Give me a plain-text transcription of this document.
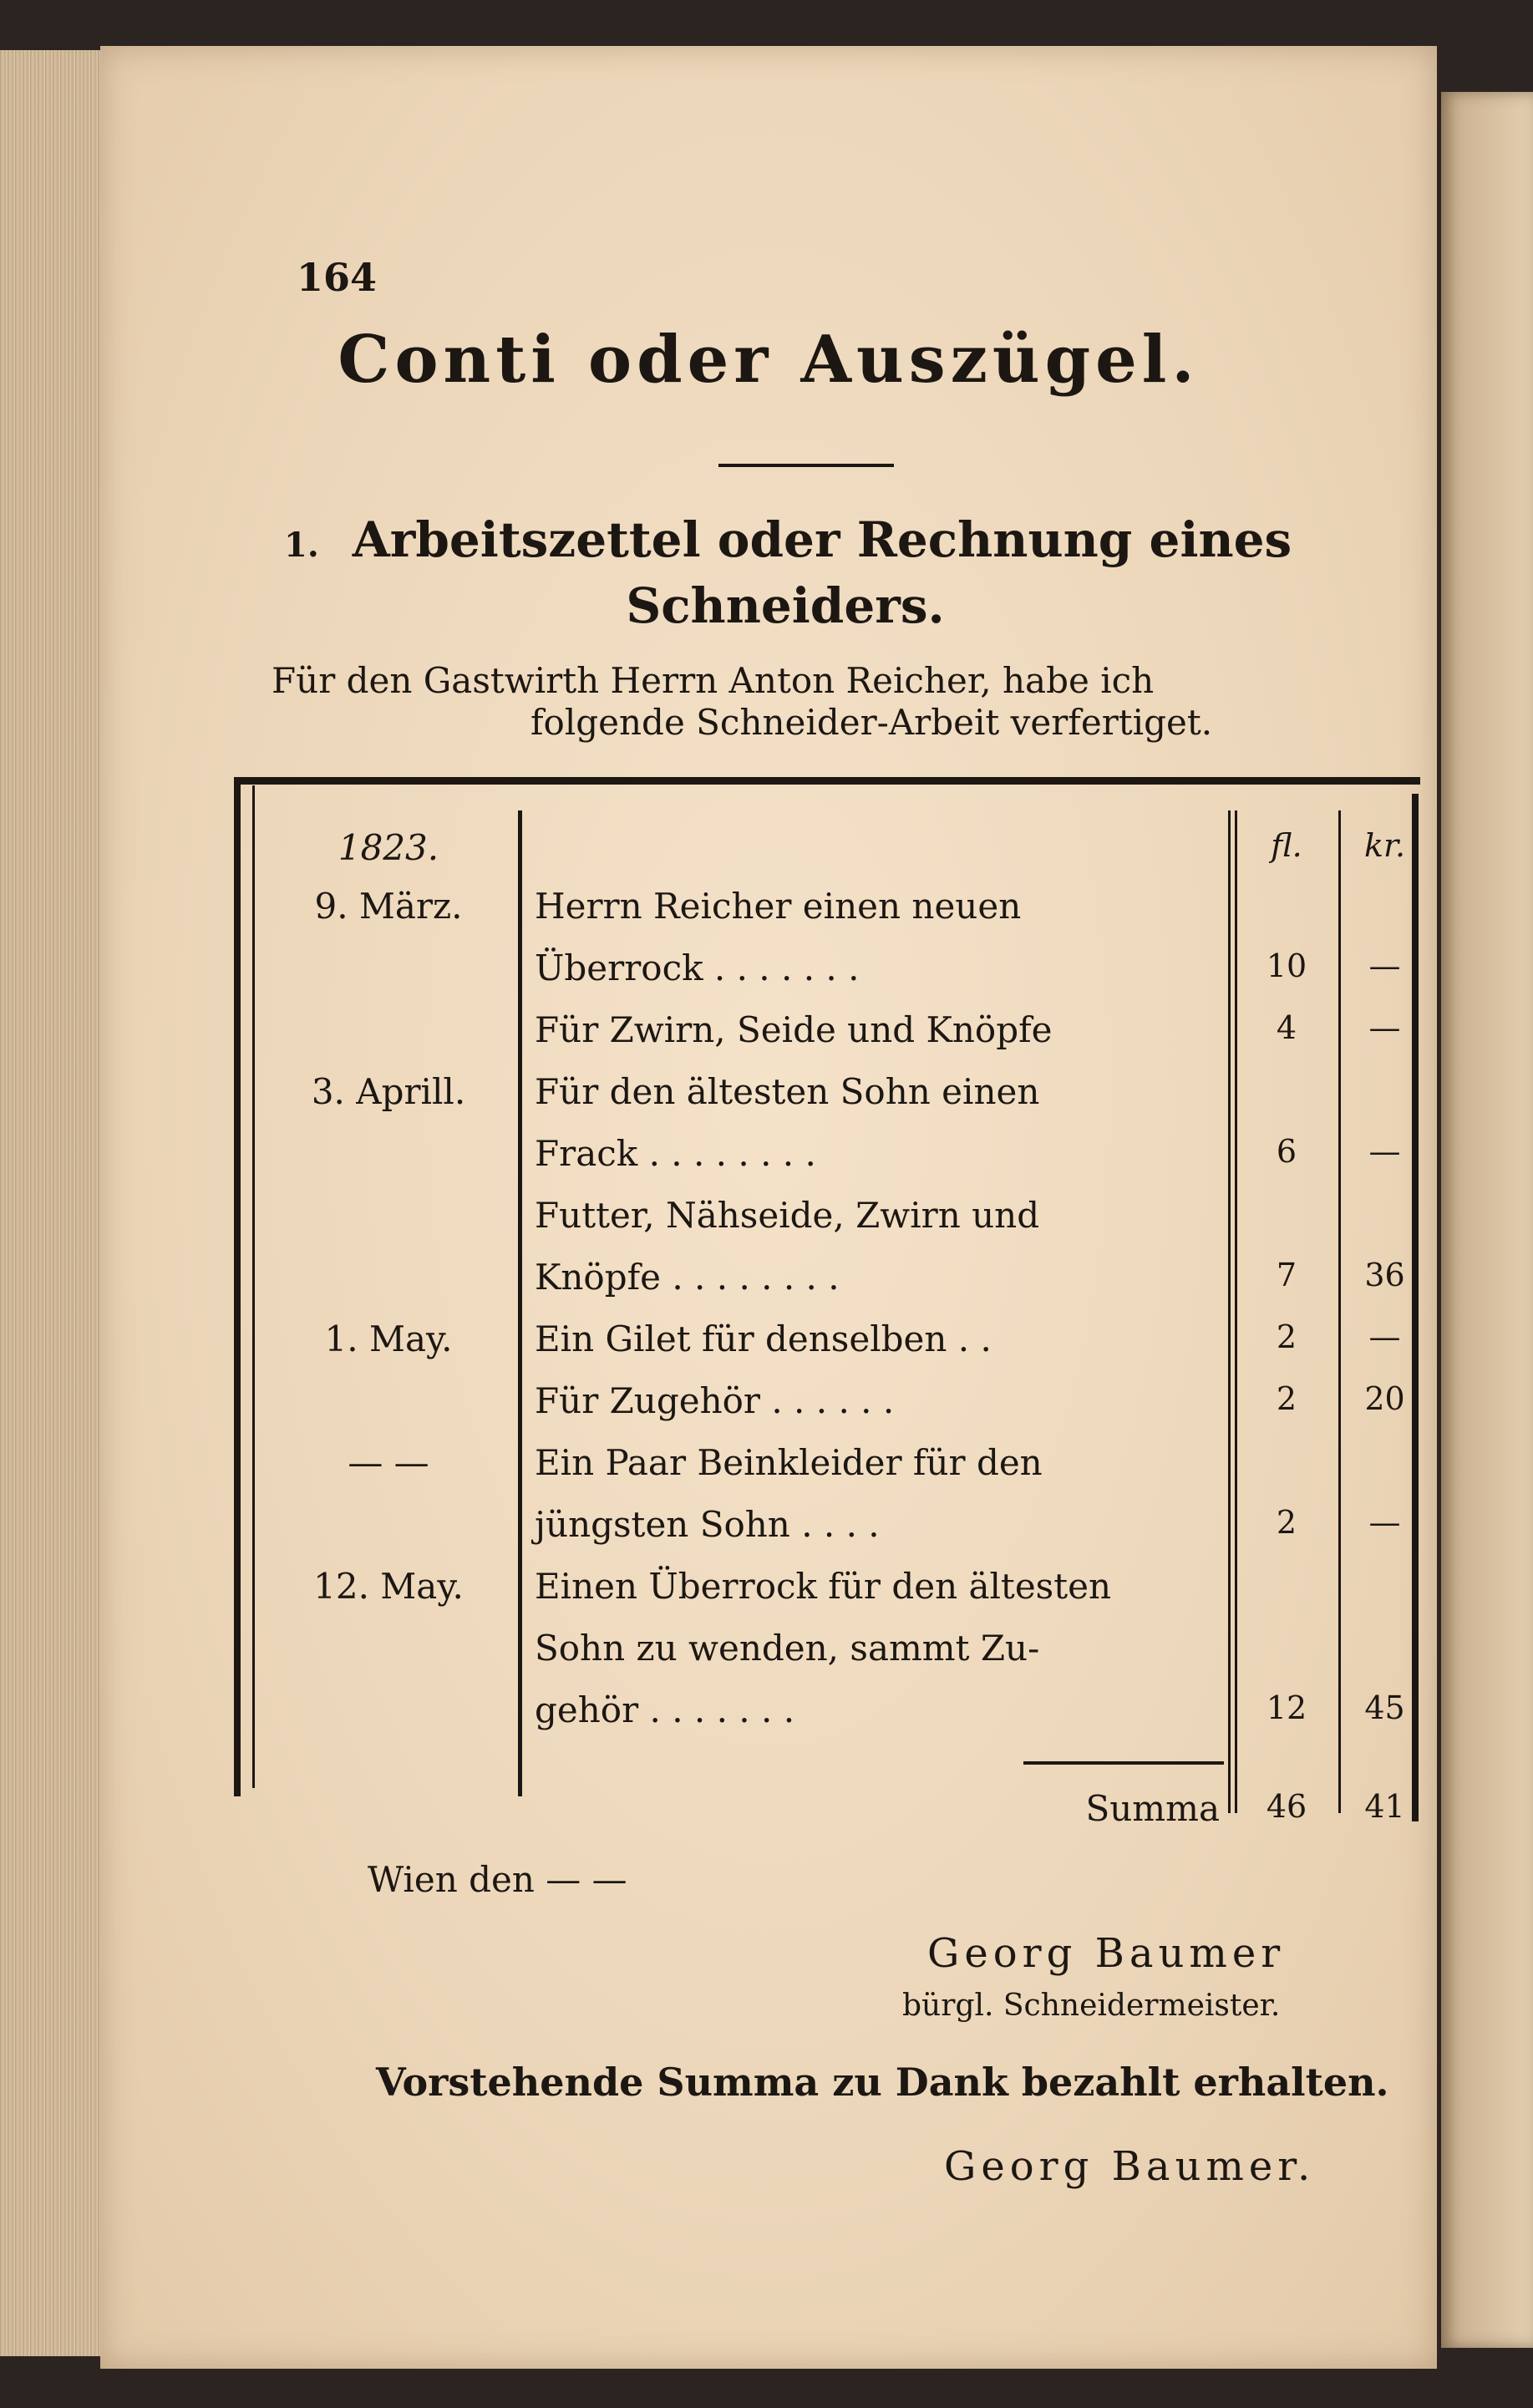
164
Conti oder Auszügel.
1. Arbeitszettel oder Rechnung eines
Schneiders.
Für den Gastwirth Herrn Anton Reicher, habe ich
folgende Schneider-Arbeit verfertiget.
1823.	fl.	kr.
9. März.	Herrn Reicher einen neuen
Überrock . . . . . . .	10	—
Für Zwirn, Seide und Knöpfe	4	—
3. Aprill.	Für den ältesten Sohn einen
Frack . . . . . . . .	6	—
Futter, Nähseide, Zwirn und
Knöpfe . . . . . . . .	7	36
1. May.	Ein Gilet für denselben . .	2	—
Für Zugehör . . . . . .	2	20
— —	Ein Paar Beinkleider für den
jüngsten Sohn . . . .	2	—
12. May.	Einen Überrock für den ältesten
Sohn zu wenden, sammt Zu-
gehör . . . . . . .	12	45
Summa	46	41
Wien den — —
Georg Baumer
bürgl. Schneidermeister.
Vorstehende Summa zu Dank bezahlt erhalten.
Georg Baumer.
